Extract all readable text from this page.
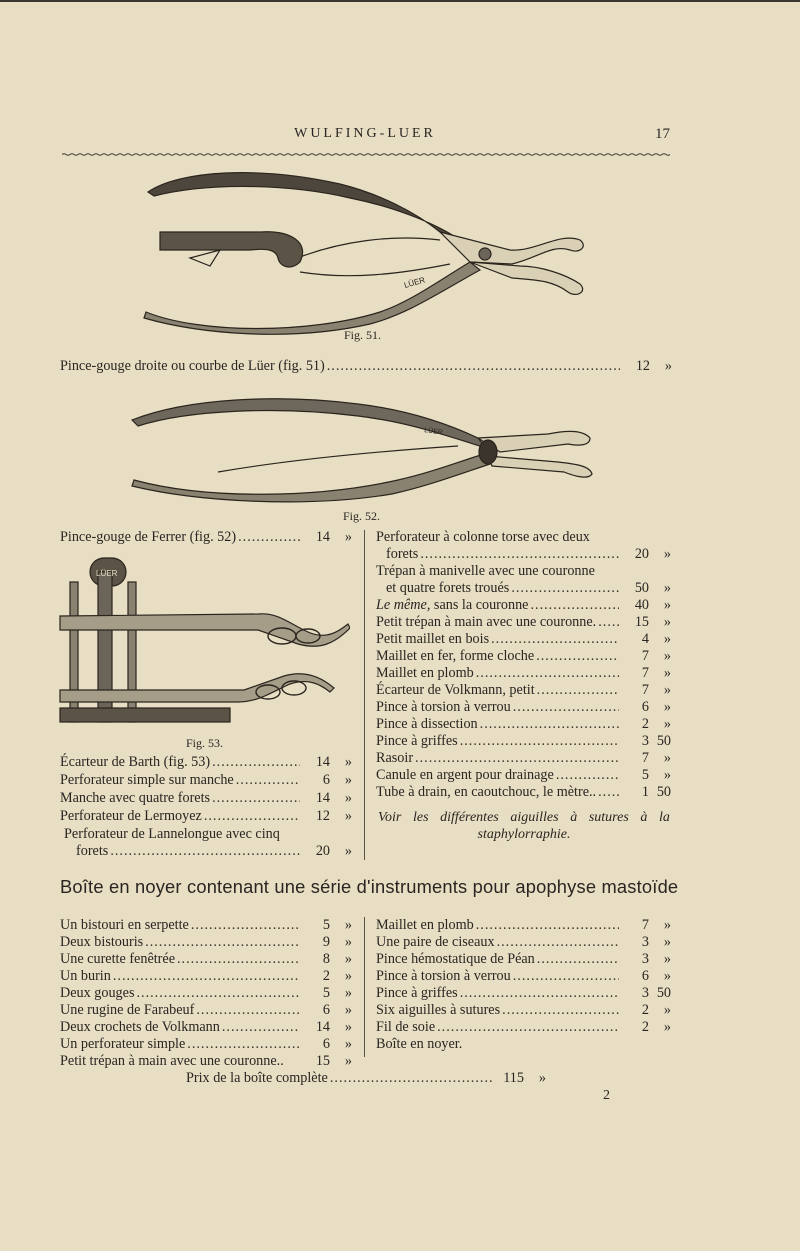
WULFING-LUER	17
LÜER
Fig. 51.
Pince-gouge droite ou courbe de Lüer (fig. 51) .....	12	»
LÜER
Fig. 52.
Pince-gouge de Ferrer (fig. 52) .....	14	»
LÜER
Fig. 53.
Écarteur de Barth (fig. 53) .....	14	»
Perforateur simple sur manche .....	6	»
Manche avec quatre forets .....	14	»
Perforateur de Lermoyez .....	12	»
Perforateur de Lannelongue avec cinq
forets .....	20	»
Perforateur à colonne torse avec deux
forets .....	20	»
Trépan à manivelle avec une couronne
et quatre forets troués .....	50	»
Le même, sans la couronne .....	40	»
Petit trépan à main avec une couronne. .....	15	»
Petit maillet en bois .....	4	»
Maillet en fer, forme cloche .....	7	»
Maillet en plomb .....	7	»
Écarteur de Volkmann, petit .....	7	»
Pince à torsion à verrou .....	6	»
Pince à dissection .....	2	»
Pince à griffes .....	3 50
Rasoir .....	7	»
Canule en argent pour drainage .....	5	»
Tube à drain, en caoutchouc, le mètre.. .....	1 50
Voir les différentes aiguilles à sutures à la
staphylorraphie.
Boîte en noyer contenant une série d'instruments pour apophyse mastoïde
Un bistouri en serpette .....	5	»
Deux bistouris .....	9	»
Une curette fenêtrée .....	8	»
Un burin .....	2	»
Deux gouges .....	5	»
Une rugine de Farabeuf .....	6	»
Deux crochets de Volkmann .....	14	»
Un perforateur simple .....	6	»
Petit trépan à main avec une couronne..	15	»
Maillet en plomb .....	7	»
Une paire de ciseaux .....	3	»
Pince hémostatique de Péan .....	3	»
Pince à torsion à verrou .....	6	»
Pince à griffes .....	3 50
Six aiguilles à sutures .....	2	»
Fil de soie .....	2	»
Boîte en noyer.
Prix de la boîte complète .....	115	»
2
